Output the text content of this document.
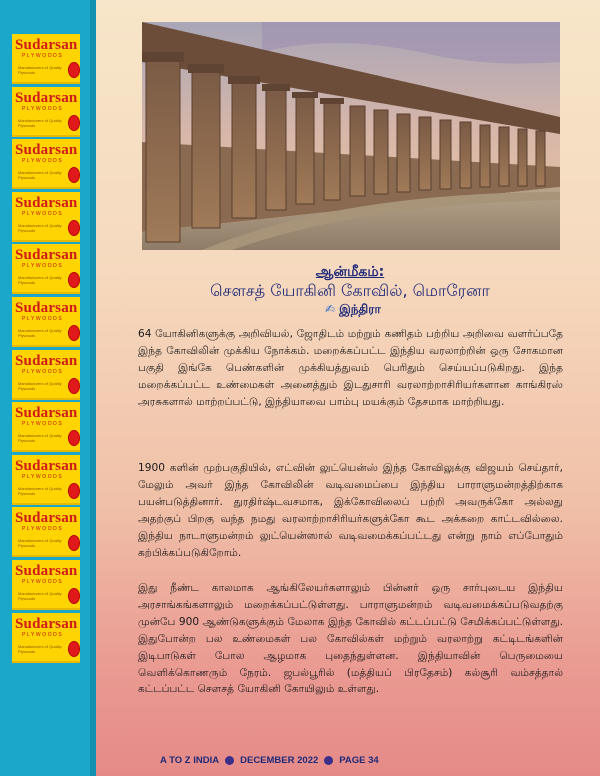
Sudarsan
PLYWOODS
Manufacturers of Quality Plywoods
Sudarsan
PLYWOODS
Manufacturers of Quality Plywoods
Sudarsan
PLYWOODS
Manufacturers of Quality Plywoods
Sudarsan
PLYWOODS
Manufacturers of Quality Plywoods
Sudarsan
PLYWOODS
Manufacturers of Quality Plywoods
Sudarsan
PLYWOODS
Manufacturers of Quality Plywoods
Sudarsan
PLYWOODS
Manufacturers of Quality Plywoods
Sudarsan
PLYWOODS
Manufacturers of Quality Plywoods
Sudarsan
PLYWOODS
Manufacturers of Quality Plywoods
Sudarsan
PLYWOODS
Manufacturers of Quality Plywoods
Sudarsan
PLYWOODS
Manufacturers of Quality Plywoods
Sudarsan
PLYWOODS
Manufacturers of Quality Plywoods
ஆன்மீகம்:
சௌசத் யோகினி கோவில், மொரேனா
✍ இந்திரா

64 யோகினிகளுக்கு அறிவியல், ஜோதிடம் மற்றும் கணிதம் பற்றிய அறிவை வளர்ப்பதே இந்த கோவிலின் முக்கிய நோக்கம். மறைக்கப்பட்ட இந்திய வரலாற்றின் ஒரு சோகமான பகுதி இங்கே பெண்களின் முக்கியத்துவம் பெரிதும் செய்யப்படுகிறது. இந்த மறைக்கப்பட்ட உண்மைகள் அனைத்தும் இடதுசாரி வரலாற்றாசிரியர்களான காங்கிரஸ் அரசுகளால் மாற்றப்பட்டு, இந்தியாவை பாம்பு மயக்கும் தேசமாக மாற்றியது.

1900 களின் முற்பகுதியில், எட்வின் லுட்யென்ஸ் இந்த கோவிலுக்கு விஜயம் செய்தார், மேலும் அவர் இந்த கோவிலின் வடிவமைப்பை இந்திய பாராளுமன்றத்திற்காக பயன்படுத்தினார். துரதிர்ஷ்டவசமாக, இக்கோவிலைப் பற்றி அவருக்கோ அல்லது அதற்குப் பிறகு வந்த நமது வரலாற்றாசிரியர்களுக்கோ கூட அக்கறை காட்டவில்லை. இந்திய நாடாளுமன்றம் லுட்யென்ஸால் வடிவமைக்கப்பட்டது என்று நாம் எப்போதும் கற்பிக்கப்படுகிறோம்.

இது நீண்ட காலமாக ஆங்கிலேயர்களாலும் பின்னர் ஒரு சார்புடைய இந்திய அரசாங்கங்களாலும் மறைக்கப்பட்டுள்ளது. பாராளுமன்றம் வடிவமைக்கப்படுவதற்கு முன்பே 900 ஆண்டுகளுக்கும் மேலாக இந்த கோவில் கட்டப்பட்டு சேமிக்கப்பட்டுள்ளது. இதுபோன்ற பல உண்மைகள் பல கோவில்கள் மற்றும் வரலாற்று கட்டிடங்களின் இடிபாடுகள் போல ஆழமாக புதைந்துள்ளன. இந்தியாவின் பெருமையை வெளிக்கொணரும் நேரம். ஜபல்பூரில் (மத்தியப் பிரதேசம்) கல்சூரி வம்சத்தால் கட்டப்பட்ட சௌசத் யோகினி கோயிலும் உள்ளது.

A TO Z INDIA DECEMBER 2022 PAGE 34
